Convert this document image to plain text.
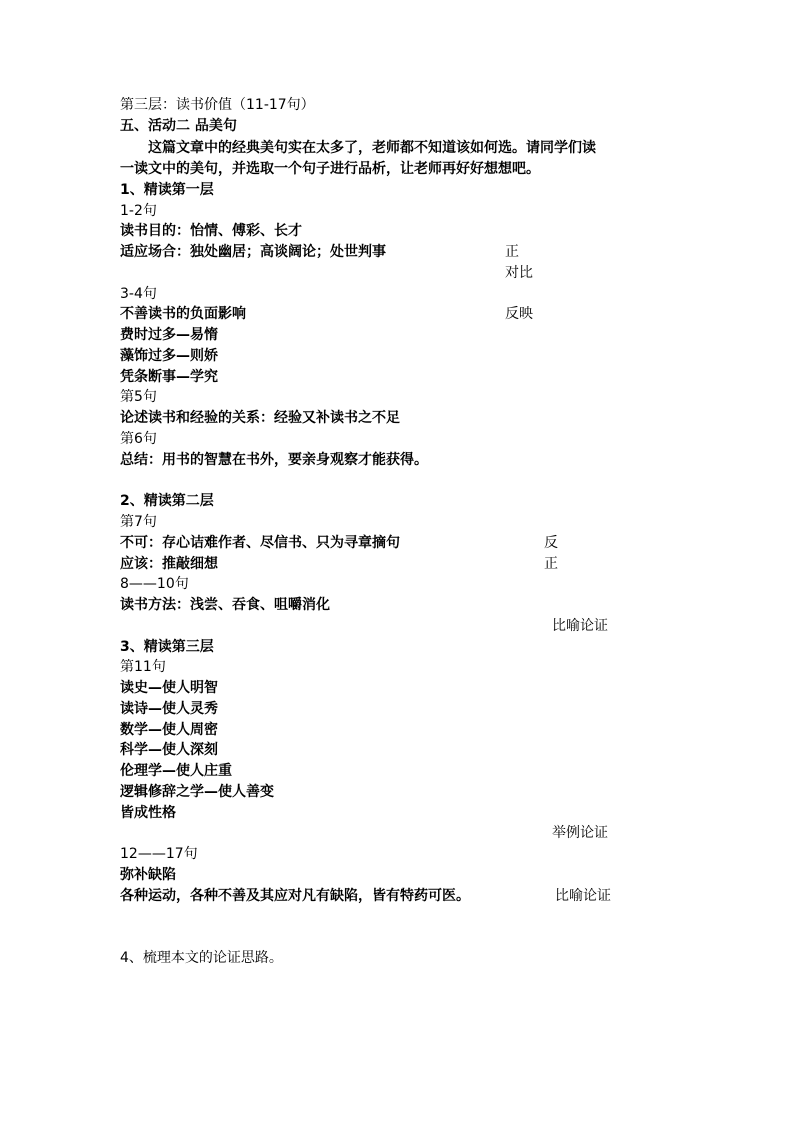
第三层：读书价值（11-17句）
五、活动二 品美句
这篇文章中的经典美句实在太多了，老师都不知道该如何选。请同学们读
一读文中的美句，并选取一个句子进行品析，让老师再好好想想吧。
1、精读第一层
1-2句
读书目的：怡情、傅彩、长才
适应场合：独处幽居；高谈阔论；处世判事	正
对比
3-4句
不善读书的负面影响	反映
费时过多—易惰
藻饰过多—则娇
凭条断事—学究
第5句
论述读书和经验的关系：经验又补读书之不足
第6句
总结：用书的智慧在书外，要亲身观察才能获得。
2、精读第二层
第7句
不可：存心诘难作者、尽信书、只为寻章摘句	反
应该：推敲细想	正
8——10句
读书方法：浅尝、吞食、咀嚼消化
比喻论证
3、精读第三层
第11句
读史—使人明智
读诗—使人灵秀
数学—使人周密
科学—使人深刻
伦理学—使人庄重
逻辑修辞之学—使人善变
皆成性格
举例论证
12——17句
弥补缺陷
各种运动，各种不善及其应对凡有缺陷，皆有特药可医。	比喻论证
4、梳理本文的论证思路。
